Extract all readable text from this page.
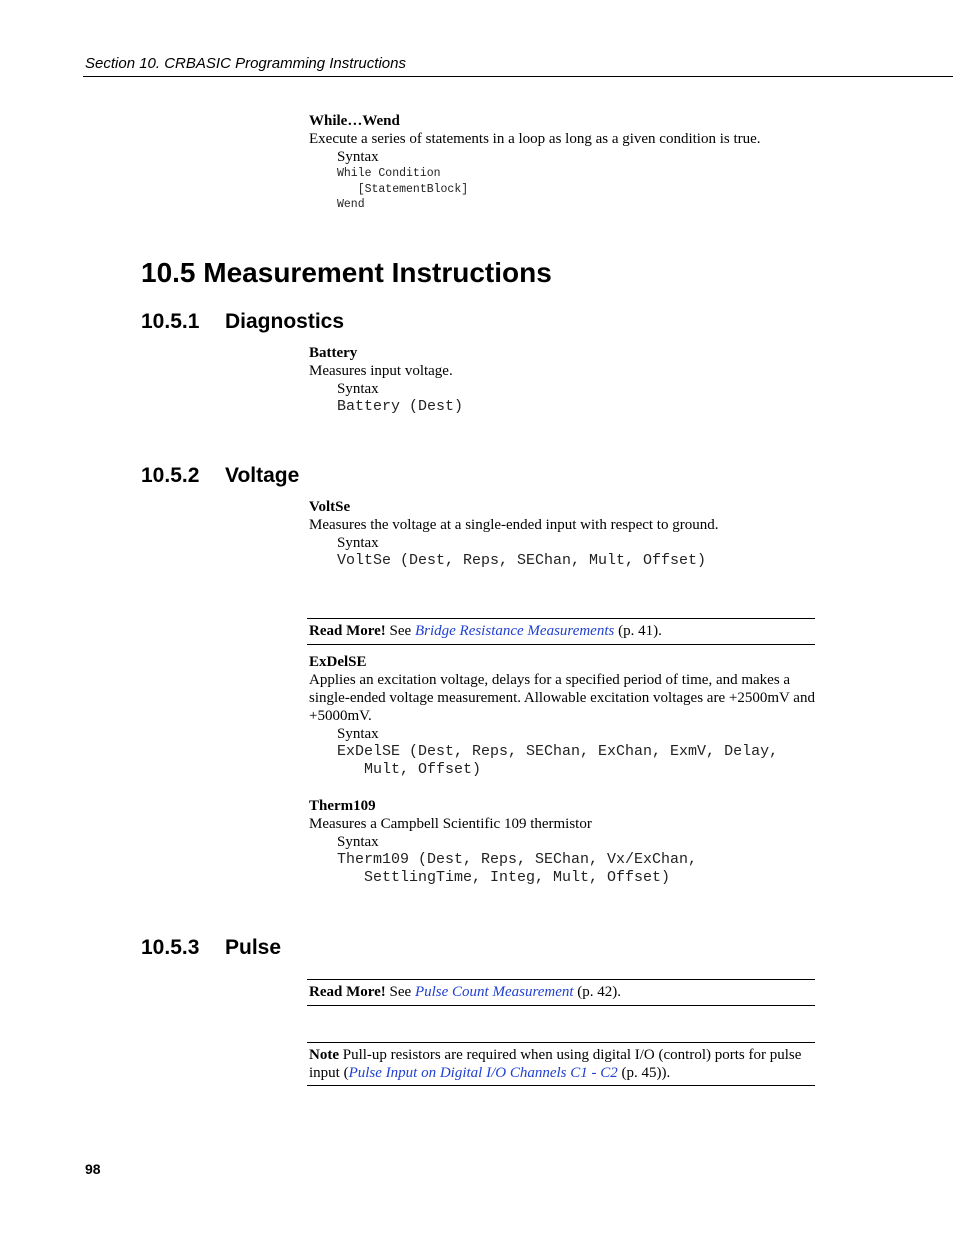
Section 10. CRBASIC Programming Instructions
While…Wend
Execute a series of statements in a loop as long as a given condition is true.
Syntax
While Condition
[StatementBlock]
Wend
10.5 Measurement Instructions
10.5.1 Diagnostics
Battery
Measures input voltage.
Syntax
Battery (Dest)
10.5.2 Voltage
VoltSe
Measures the voltage at a single-ended input with respect to ground.
Syntax
VoltSe (Dest, Reps, SEChan, Mult, Offset)
Read More! See Bridge Resistance Measurements (p. 41).
ExDelSE
Applies an excitation voltage, delays for a specified period of time, and makes a single-ended voltage measurement. Allowable excitation voltages are +2500mV and +5000mV.
Syntax
ExDelSE (Dest, Reps, SEChan, ExChan, ExmV, Delay,
Mult, Offset)
Therm109
Measures a Campbell Scientific 109 thermistor
Syntax
Therm109 (Dest, Reps, SEChan, Vx/ExChan,
SettlingTime, Integ, Mult, Offset)
10.5.3 Pulse
Read More! See Pulse Count Measurement (p. 42).
Note Pull-up resistors are required when using digital I/O (control) ports for pulse input (Pulse Input on Digital I/O Channels C1 - C2 (p. 45)).
98
